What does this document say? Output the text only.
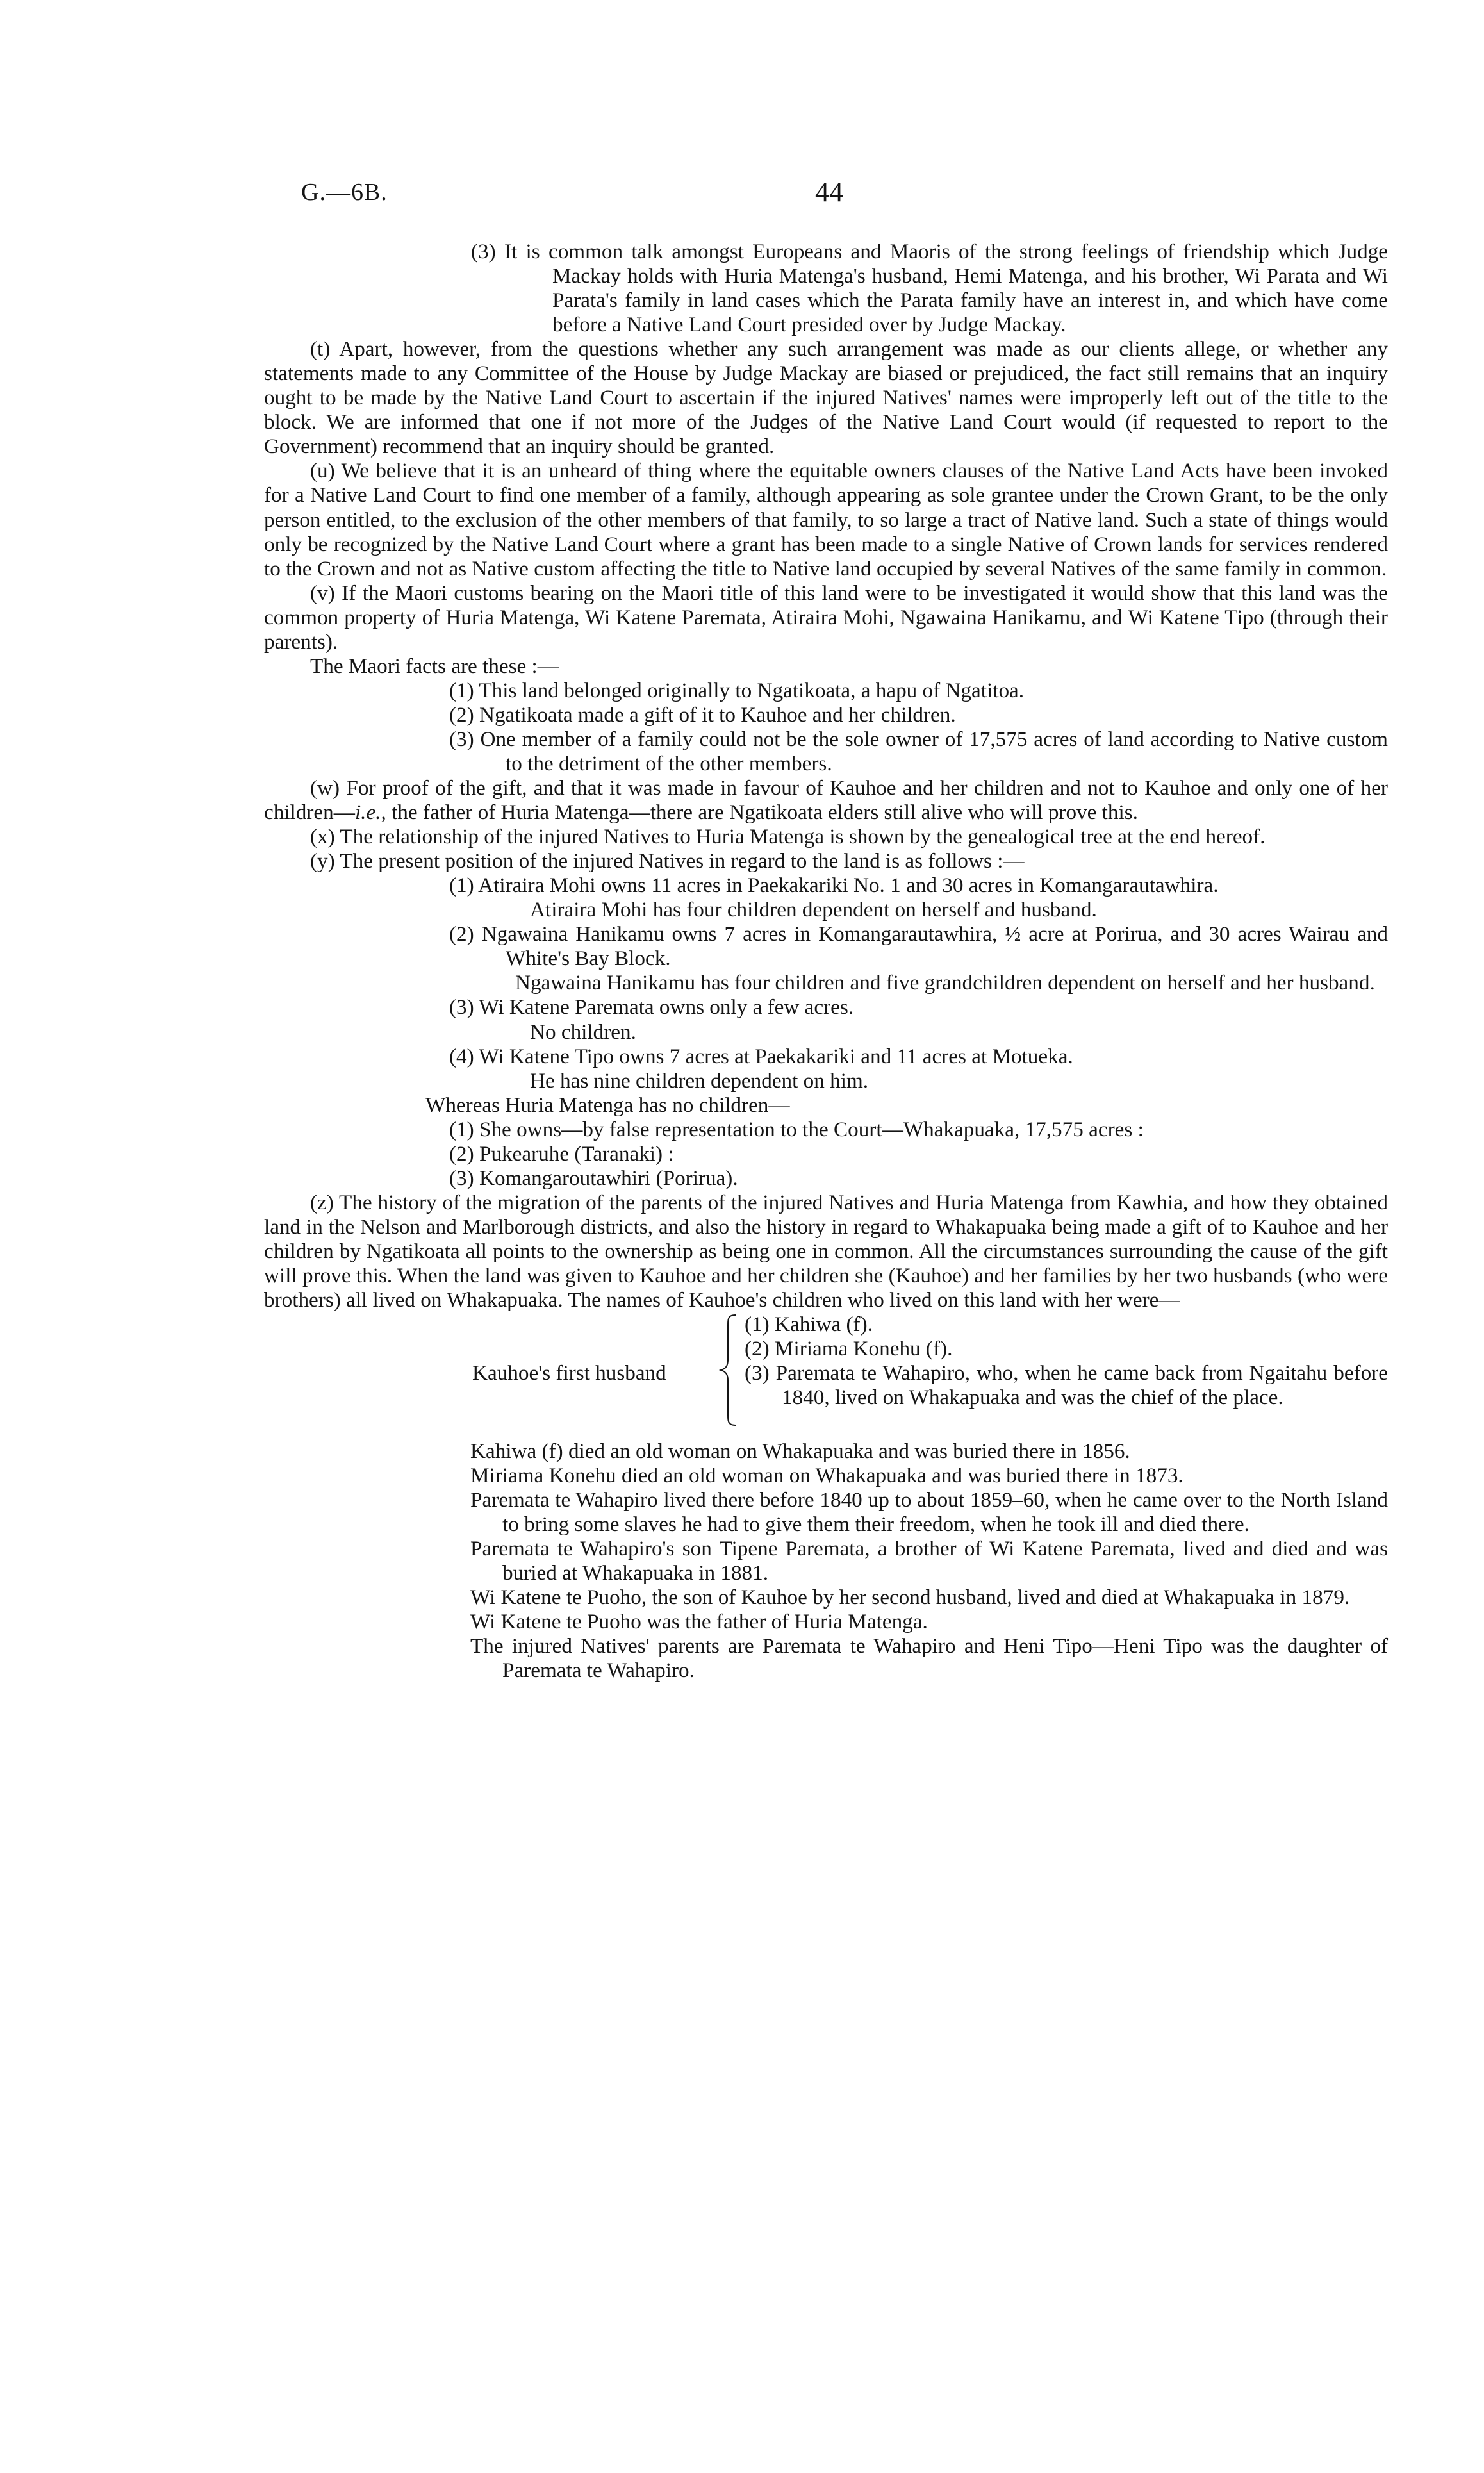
G.—6B.	44

(3) It is common talk amongst Europeans and Maoris of the strong feelings of friendship which Judge Mackay holds with Huria Matenga's husband, Hemi Matenga, and his brother, Wi Parata and Wi Parata's family in land cases which the Parata family have an interest in, and which have come before a Native Land Court presided over by Judge Mackay.

(t) Apart, however, from the questions whether any such arrangement was made as our clients allege, or whether any statements made to any Committee of the House by Judge Mackay are biased or prejudiced, the fact still remains that an inquiry ought to be made by the Native Land Court to ascertain if the injured Natives' names were improperly left out of the title to the block. We are informed that one if not more of the Judges of the Native Land Court would (if requested to report to the Government) recommend that an inquiry should be granted.

(u) We believe that it is an unheard of thing where the equitable owners clauses of the Native Land Acts have been invoked for a Native Land Court to find one member of a family, although appearing as sole grantee under the Crown Grant, to be the only person entitled, to the exclusion of the other members of that family, to so large a tract of Native land. Such a state of things would only be recognized by the Native Land Court where a grant has been made to a single Native of Crown lands for services rendered to the Crown and not as Native custom affecting the title to Native land occupied by several Natives of the same family in common.

(v) If the Maori customs bearing on the Maori title of this land were to be investigated it would show that this land was the common property of Huria Matenga, Wi Katene Paremata, Atiraira Mohi, Ngawaina Hanikamu, and Wi Katene Tipo (through their parents).

The Maori facts are these :—

(1) This land belonged originally to Ngatikoata, a hapu of Ngatitoa.

(2) Ngatikoata made a gift of it to Kauhoe and her children.

(3) One member of a family could not be the sole owner of 17,575 acres of land according to Native custom to the detriment of the other members.

(w) For proof of the gift, and that it was made in favour of Kauhoe and her children and not to Kauhoe and only one of her children—i.e., the father of Huria Matenga—there are Ngatikoata elders still alive who will prove this.

(x) The relationship of the injured Natives to Huria Matenga is shown by the genealogical tree at the end hereof.

(y) The present position of the injured Natives in regard to the land is as follows :—

(1) Atiraira Mohi owns 11 acres in Paekakariki No. 1 and 30 acres in Komangarautawhira.

Atiraira Mohi has four children dependent on herself and husband.

(2) Ngawaina Hanikamu owns 7 acres in Komangarautawhira, ½ acre at Porirua, and 30 acres Wairau and White's Bay Block.

Ngawaina Hanikamu has four children and five grandchildren dependent on herself and her husband.

(3) Wi Katene Paremata owns only a few acres.

No children.

(4) Wi Katene Tipo owns 7 acres at Paekakariki and 11 acres at Motueka.

He has nine children dependent on him.

Whereas Huria Matenga has no children—

(1) She owns—by false representation to the Court—Whakapuaka, 17,575 acres :

(2) Pukearuhe (Taranaki) :

(3) Komangaroutawhiri (Porirua).

(z) The history of the migration of the parents of the injured Natives and Huria Matenga from Kawhia, and how they obtained land in the Nelson and Marlborough districts, and also the history in regard to Whakapuaka being made a gift of to Kauhoe and her children by Ngatikoata all points to the ownership as being one in common. All the circumstances surrounding the cause of the gift will prove this. When the land was given to Kauhoe and her children she (Kauhoe) and her families by her two husbands (who were brothers) all lived on Whakapuaka. The names of Kauhoe's children who lived on this land with her were—

Kauhoe's first husband

(1) Kahiwa (f).

(2) Miriama Konehu (f).

(3) Paremata te Wahapiro, who, when he came back from Ngaitahu before 1840, lived on Whakapuaka and was the chief of the place.

Kahiwa (f) died an old woman on Whakapuaka and was buried there in 1856.

Miriama Konehu died an old woman on Whakapuaka and was buried there in 1873.

Paremata te Wahapiro lived there before 1840 up to about 1859–60, when he came over to the North Island to bring some slaves he had to give them their freedom, when he took ill and died there.

Paremata te Wahapiro's son Tipene Paremata, a brother of Wi Katene Paremata, lived and died and was buried at Whakapuaka in 1881.

Wi Katene te Puoho, the son of Kauhoe by her second husband, lived and died at Whakapuaka in 1879.

Wi Katene te Puoho was the father of Huria Matenga.

The injured Natives' parents are Paremata te Wahapiro and Heni Tipo—Heni Tipo was the daughter of Paremata te Wahapiro.
